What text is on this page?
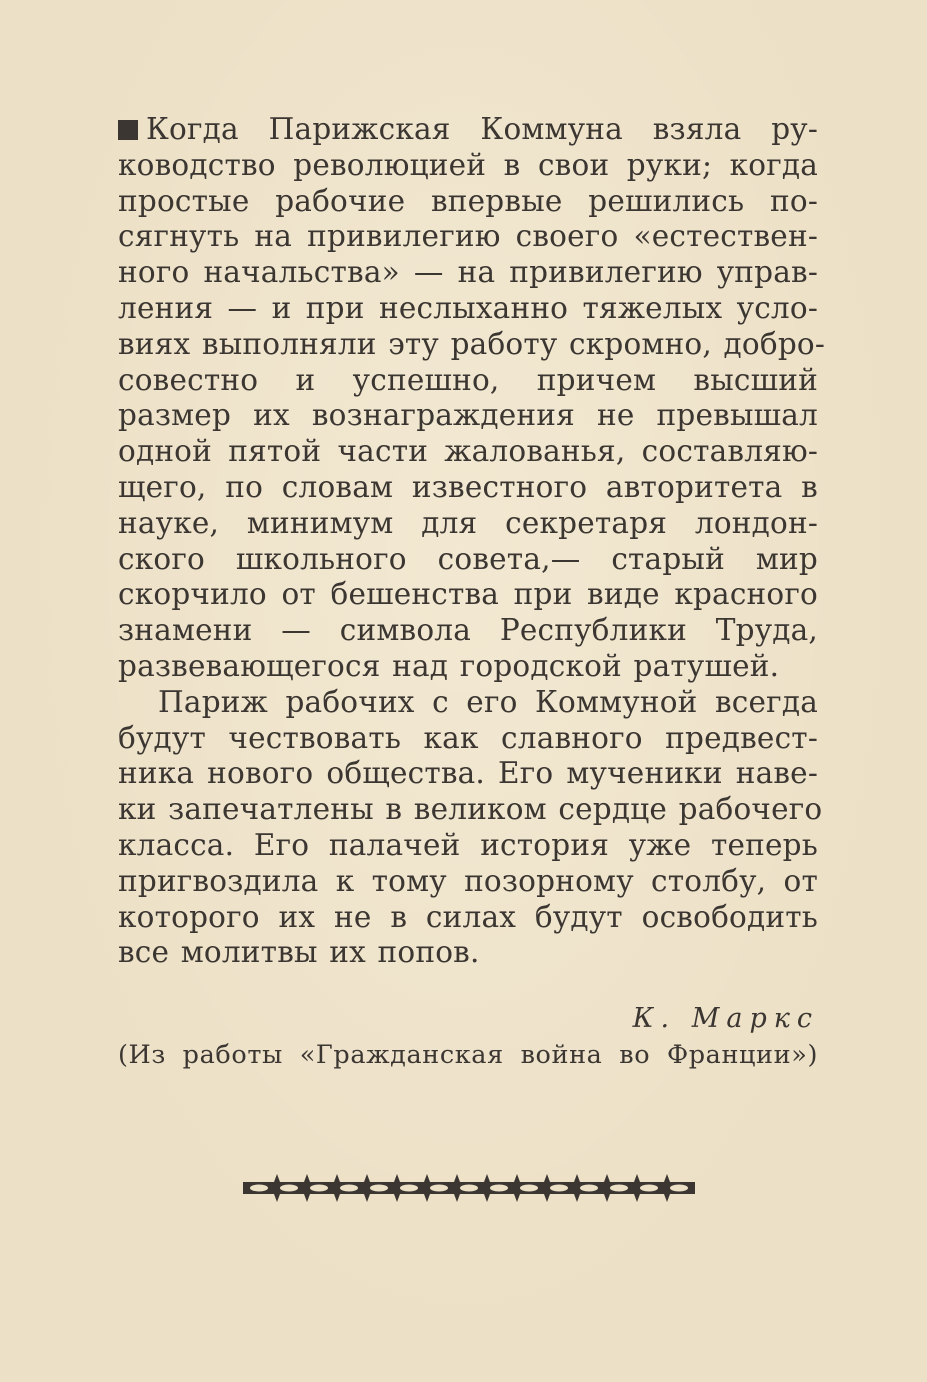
Когда Парижская Коммуна взяла ру-
ководство революцией в свои руки; когда
простые рабочие впервые решились по-
сягнуть на привилегию своего «естествен-
ного начальства» — на привилегию управ-
ления — и при неслыханно тяжелых усло-
виях выполняли эту работу скромно, добро-
совестно и успешно, причем высший
размер их вознаграждения не превышал
одной пятой части жалованья, составляю-
щего, по словам известного авторитета в
науке, минимум для секретаря лондон-
ского школьного совета,— старый мир
скорчило от бешенства при виде красного
знамени — символа Республики Труда,
развевающегося над городской ратушей.

Париж рабочих с его Коммуной всегда
будут чествовать как славного предвест-
ника нового общества. Его мученики наве-
ки запечатлены в великом сердце рабочего
класса. Его палачей история уже теперь
пригвоздила к тому позорному столбу, от
которого их не в силах будут освободить
все молитвы их попов.

К. Маркс
(Из работы «Гражданская война во Франции»)
